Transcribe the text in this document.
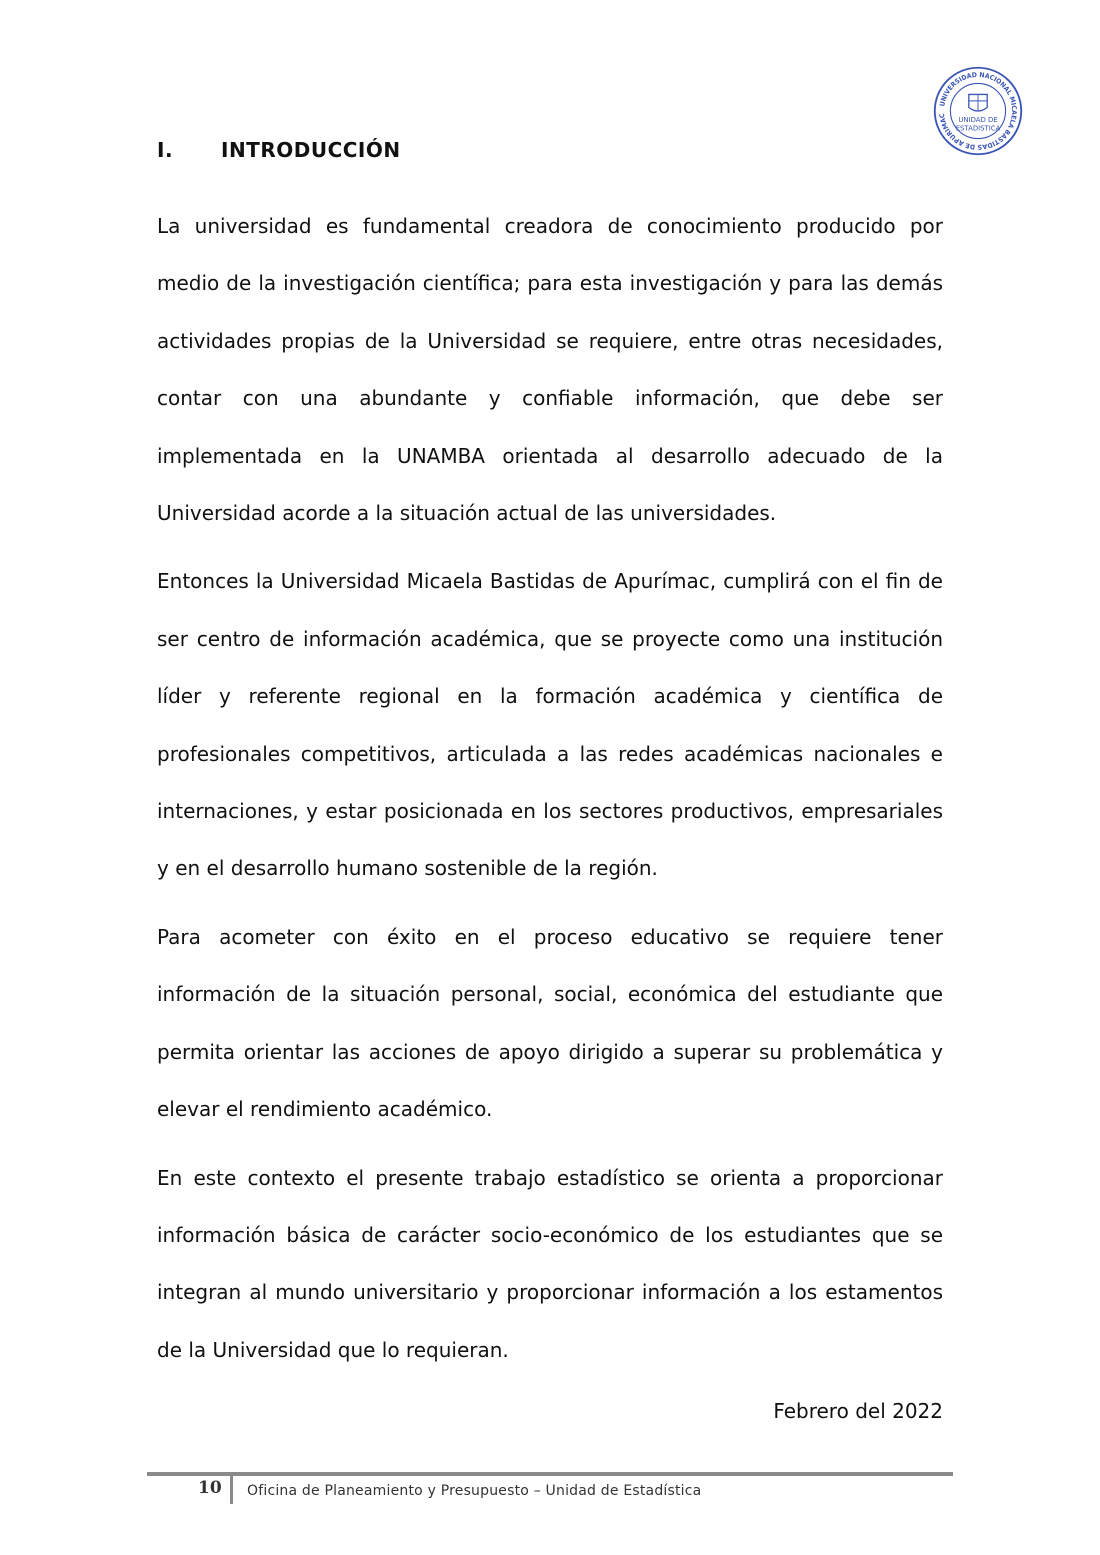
UNIVERSIDAD NACIONAL MICAELA BASTIDAS DE APURIMAC
UNIDAD DE
ESTADISTICA
I. INTRODUCCIÓN

La universidad es fundamental creadora de conocimiento producido por medio de la investigación científica; para esta investigación y para las demás actividades propias de la Universidad se requiere, entre otras necesidades, contar con una abundante y confiable información, que debe ser implementada en la UNAMBA orientada al desarrollo adecuado de la Universidad acorde a la situación actual de las universidades.

Entonces la Universidad Micaela Bastidas de Apurímac, cumplirá con el fin de ser centro de información académica, que se proyecte como una institución líder y referente regional en la formación académica y científica de profesionales competitivos, articulada a las redes académicas nacionales e internaciones, y estar posicionada en los sectores productivos, empresariales y en el desarrollo humano sostenible de la región.

Para acometer con éxito en el proceso educativo se requiere tener información de la situación personal, social, económica del estudiante que permita orientar las acciones de apoyo dirigido a superar su problemática y elevar el rendimiento académico.

En este contexto el presente trabajo estadístico se orienta a proporcionar información básica de carácter socio-económico de los estudiantes que se integran al mundo universitario y proporcionar información a los estamentos de la Universidad que lo requieran.

Febrero del 2022
10 Oficina de Planeamiento y Presupuesto – Unidad de Estadística
